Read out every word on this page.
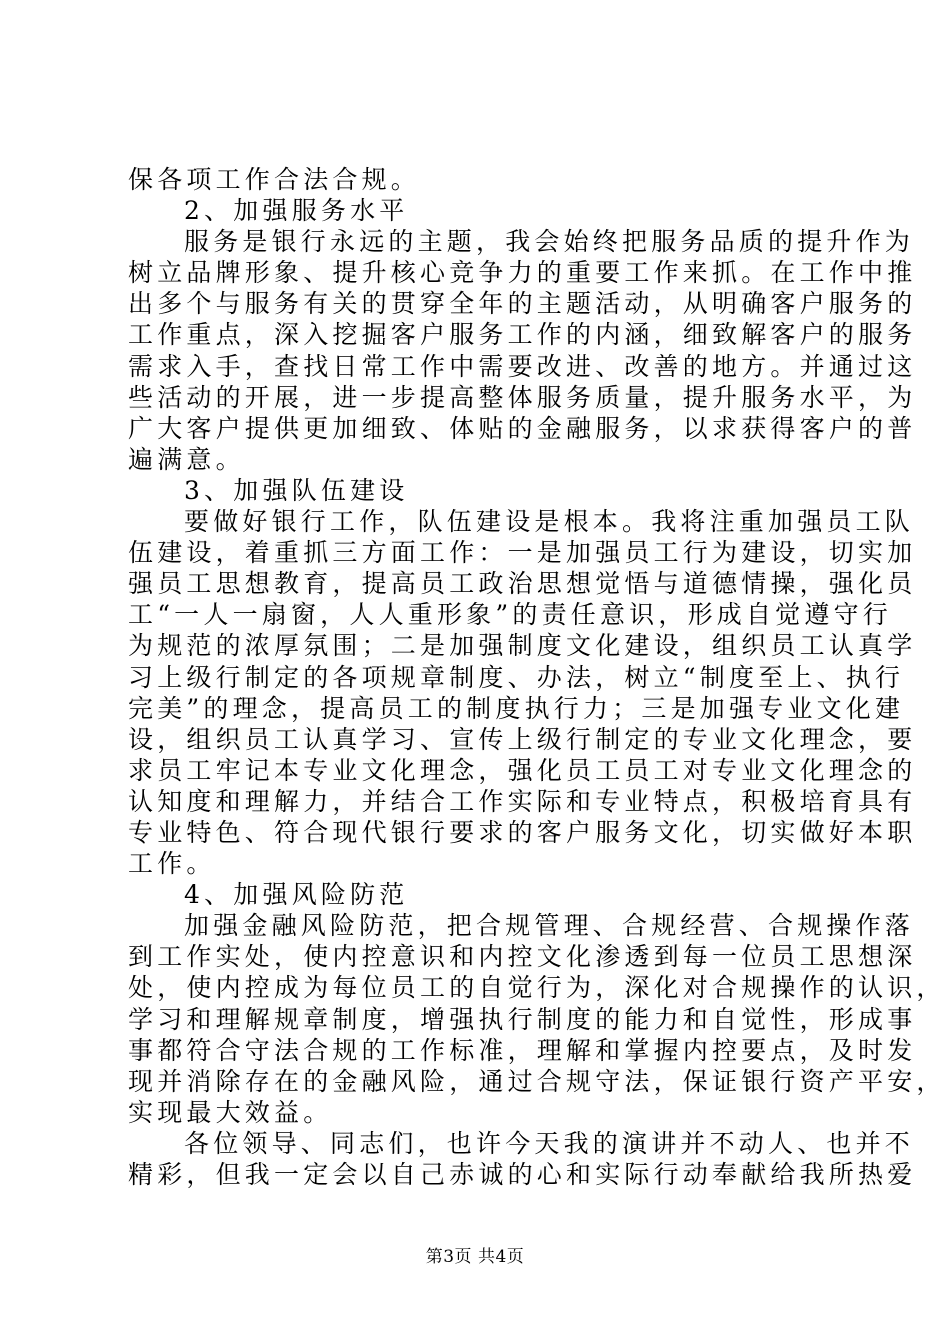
保各项工作合法合规。
2、加强服务水平
服务是银行永远的主题，我会始终把服务品质的提升作为
树立品牌形象、提升核心竞争力的重要工作来抓。在工作中推
出多个与服务有关的贯穿全年的主题活动，从明确客户服务的
工作重点，深入挖掘客户服务工作的内涵，细致解客户的服务
需求入手，查找日常工作中需要改进、改善的地方。并通过这
些活动的开展，进一步提高整体服务质量，提升服务水平，为
广大客户提供更加细致、体贴的金融服务，以求获得客户的普
遍满意。
3、加强队伍建设
要做好银行工作，队伍建设是根本。我将注重加强员工队
伍建设，着重抓三方面工作：一是加强员工行为建设，切实加
强员工思想教育，提高员工政治思想觉悟与道德情操，强化员
工“一人一扇窗，人人重形象”的责任意识，形成自觉遵守行
为规范的浓厚氛围；二是加强制度文化建设，组织员工认真学
习上级行制定的各项规章制度、办法，树立“制度至上、执行
完美”的理念，提高员工的制度执行力；三是加强专业文化建
设，组织员工认真学习、宣传上级行制定的专业文化理念，要
求员工牢记本专业文化理念，强化员工员工对专业文化理念的
认知度和理解力，并结合工作实际和专业特点，积极培育具有
专业特色、符合现代银行要求的客户服务文化，切实做好本职
工作。
4、加强风险防范
加强金融风险防范，把合规管理、合规经营、合规操作落
到工作实处，使内控意识和内控文化渗透到每一位员工思想深
处，使内控成为每位员工的自觉行为，深化对合规操作的认识，
学习和理解规章制度，增强执行制度的能力和自觉性，形成事
事都符合守法合规的工作标准，理解和掌握内控要点，及时发
现并消除存在的金融风险，通过合规守法，保证银行资产平安，
实现最大效益。
各位领导、同志们，也许今天我的演讲并不动人、也并不
精彩，但我一定会以自己赤诚的心和实际行动奉献给我所热爱
第3页 共4页
